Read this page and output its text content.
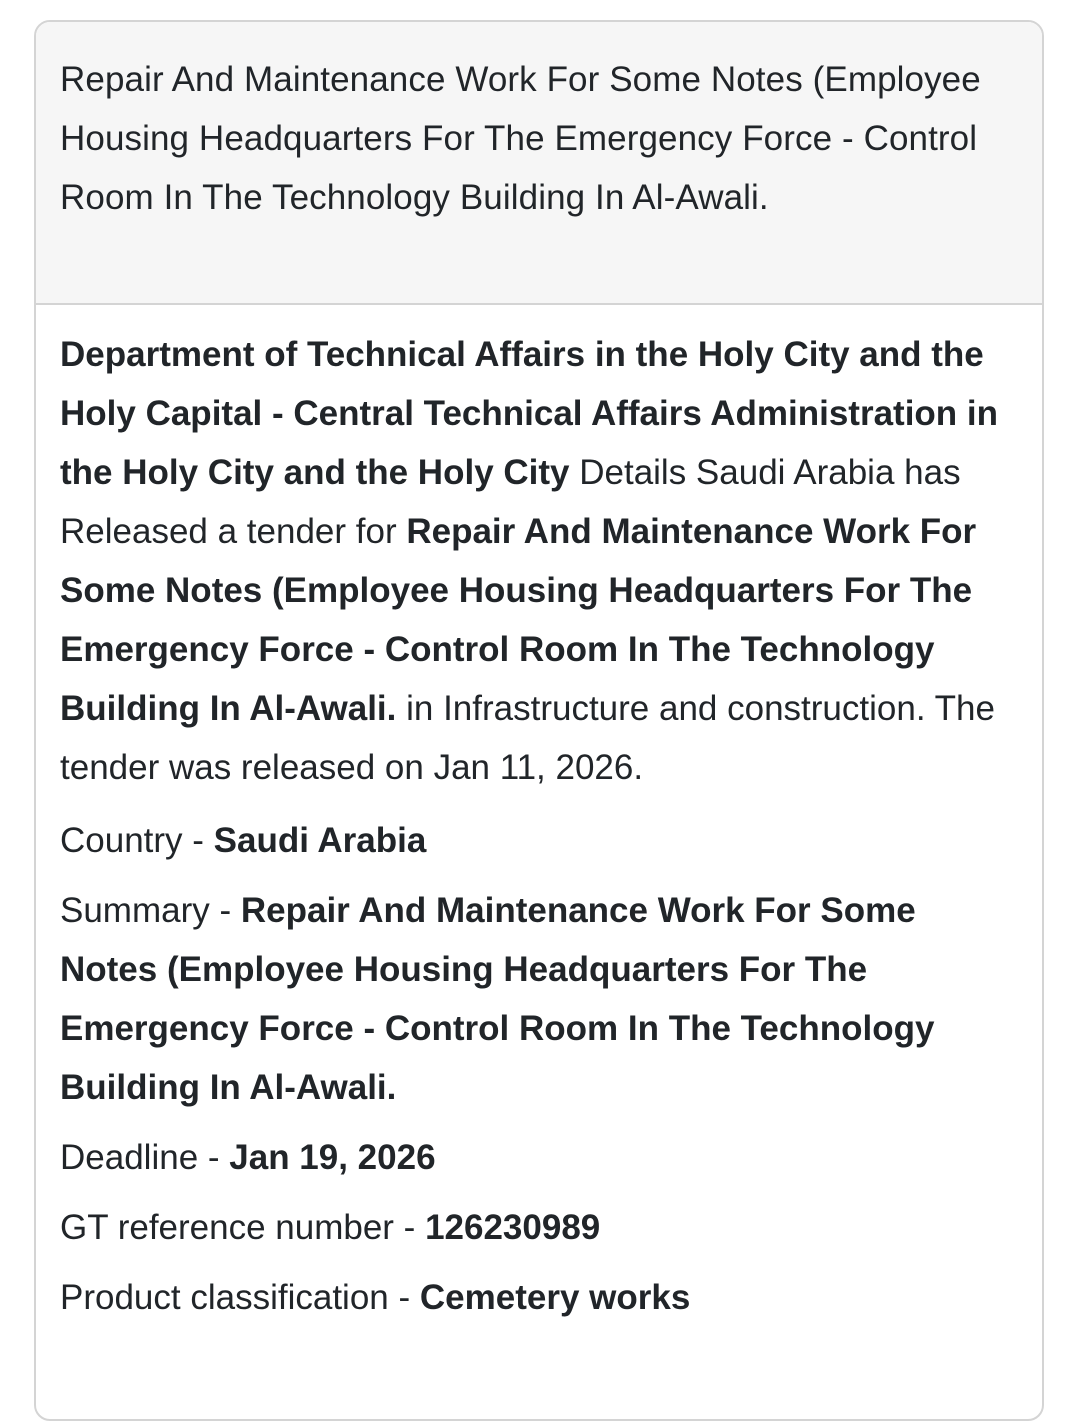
Repair And Maintenance Work For Some Notes (Employee Housing Headquarters For The Emergency Force - Control Room In The Technology Building In Al-Awali.

Department of Technical Affairs in the Holy City and the Holy Capital - Central Technical Affairs Administration in the Holy City and the Holy City Details Saudi Arabia has Released a tender for Repair And Maintenance Work For Some Notes (Employee Housing Headquarters For The Emergency Force - Control Room In The Technology Building In Al-Awali. in Infrastructure and construction. The tender was released on Jan 11, 2026.

Country - Saudi Arabia
Summary - Repair And Maintenance Work For Some Notes (Employee Housing Headquarters For The Emergency Force - Control Room In The Technology Building In Al-Awali.
Deadline - Jan 19, 2026
GT reference number - 126230989
Product classification - Cemetery works
